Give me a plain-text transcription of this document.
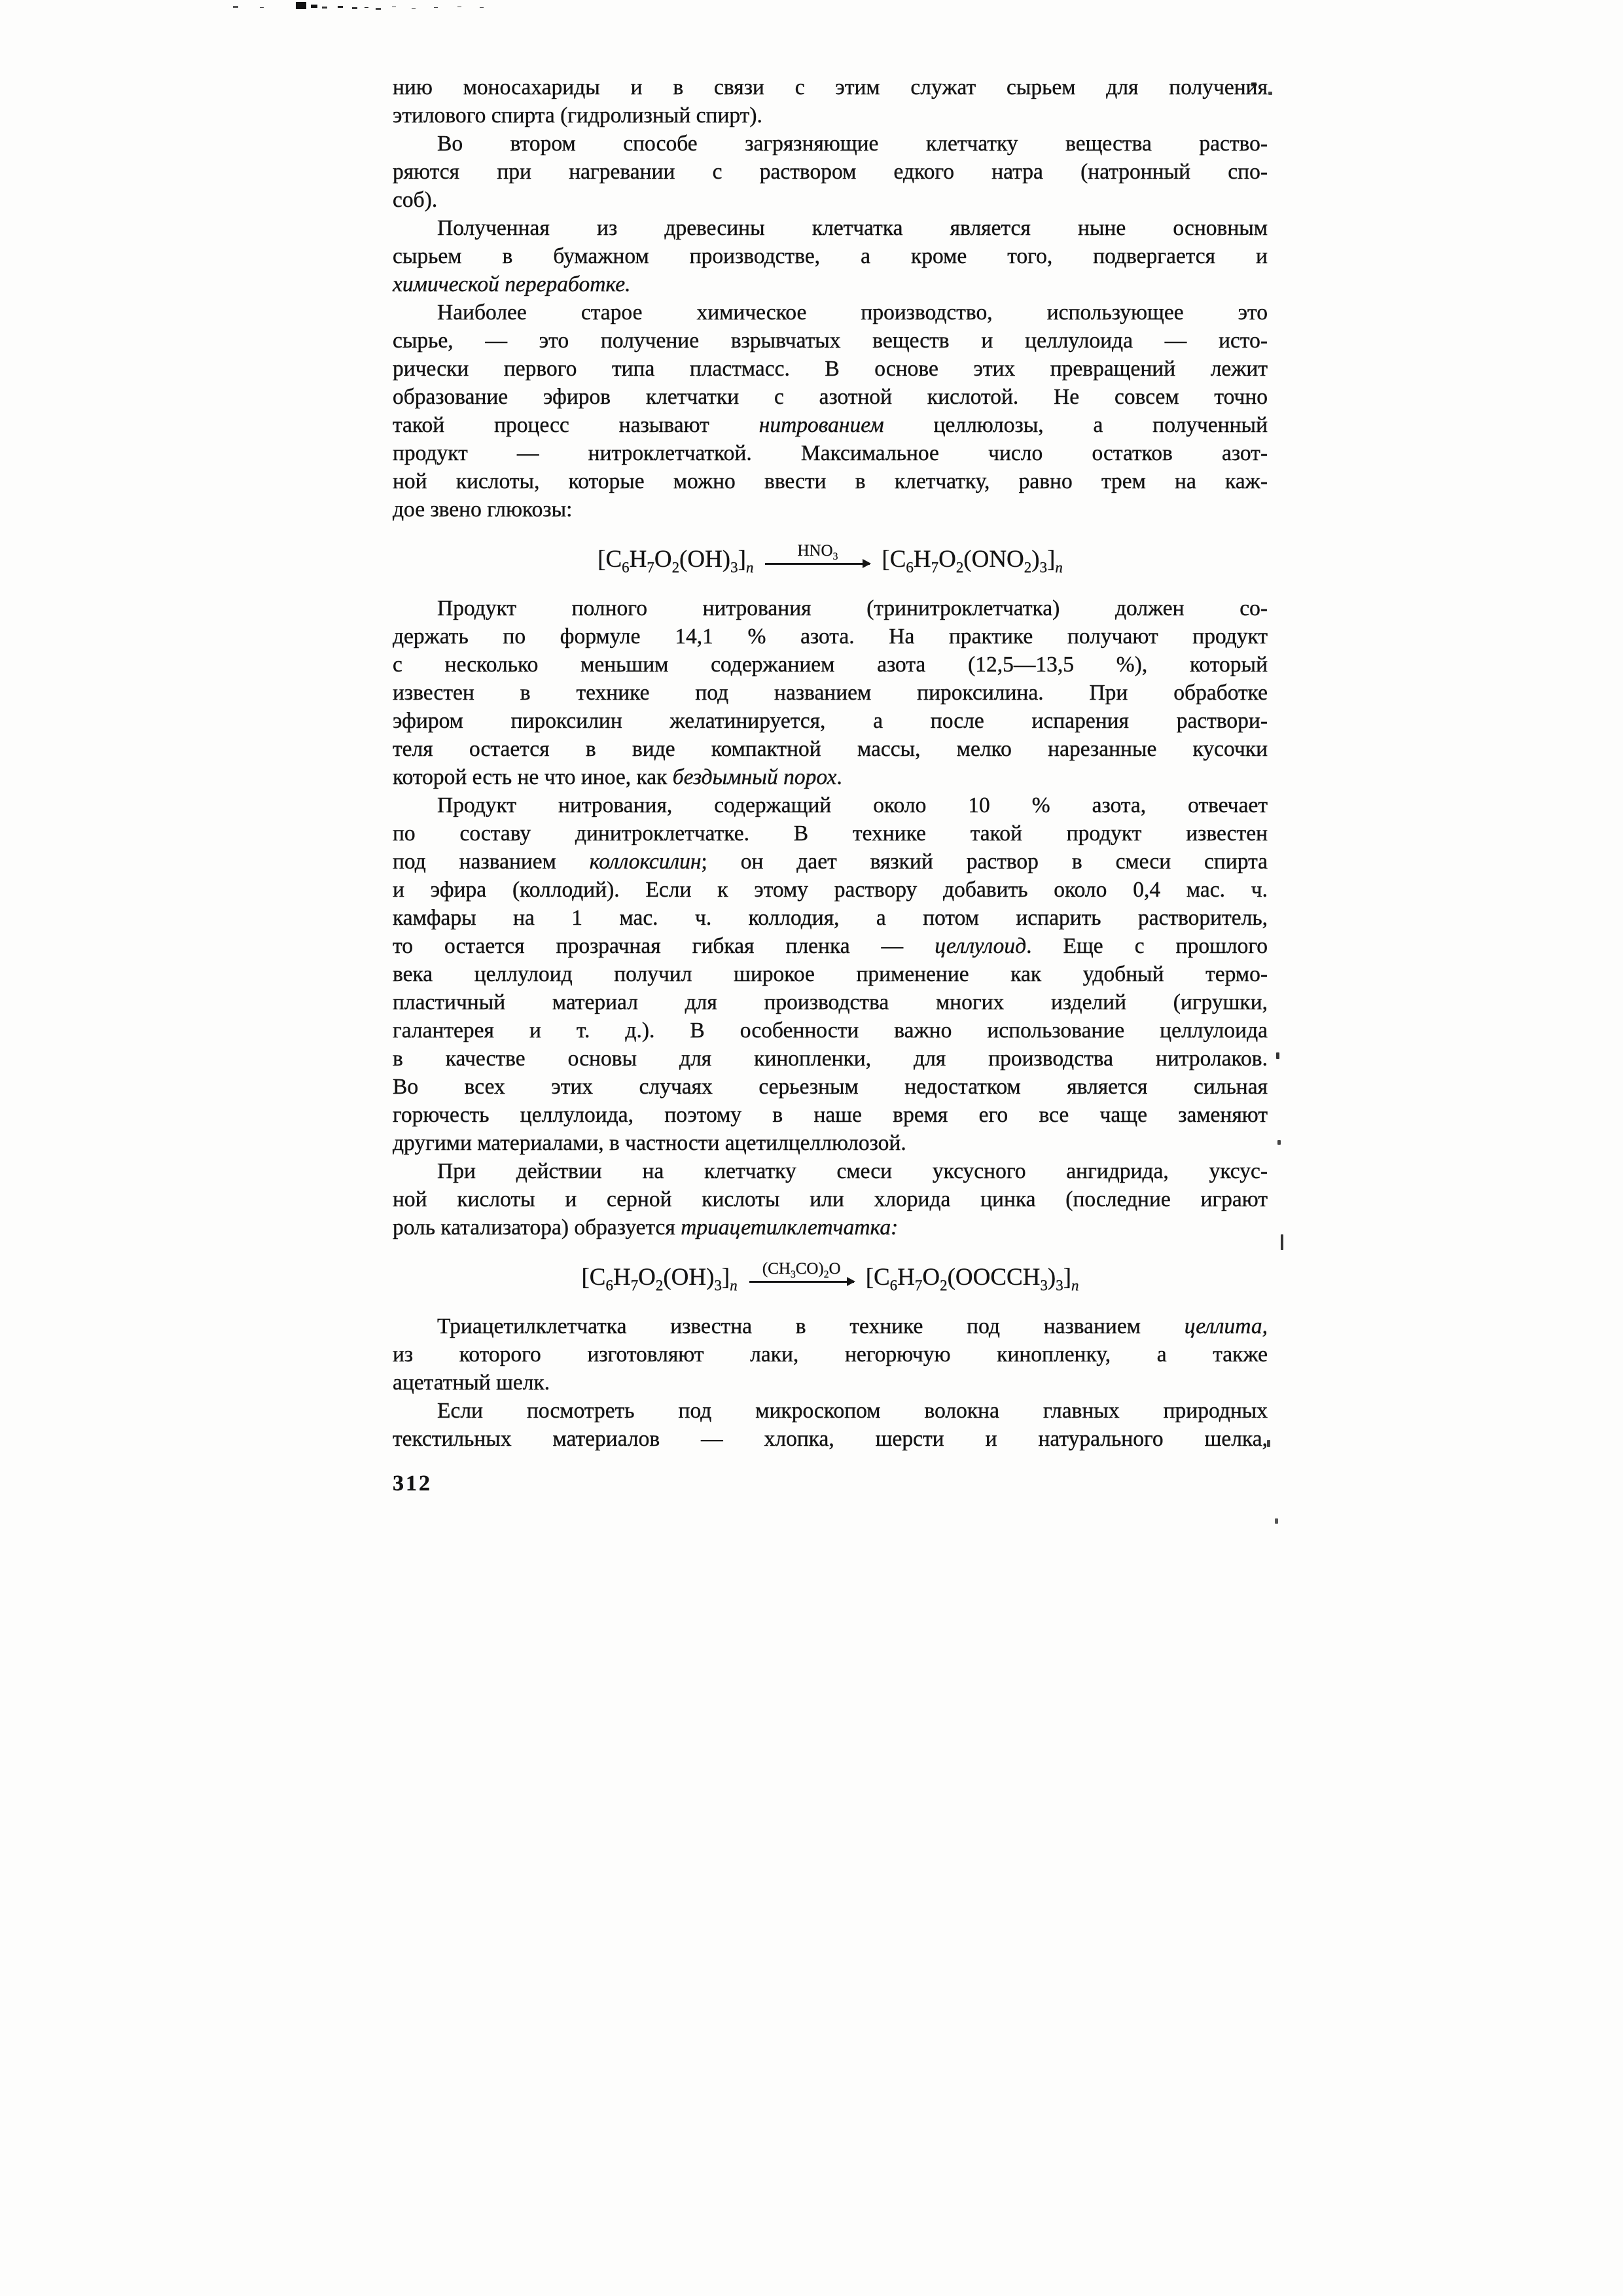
нию моносахариды и в связи с этим служат сырьем для получения
этилового спирта (гидролизный спирт).
Во втором способе загрязняющие клетчатку вещества раство-
ряются при нагревании с раствором едкого натра (натронный спо-
соб).
Полученная из древесины клетчатка является ныне основным
сырьем в бумажном производстве, а кроме того, подвергается и
химической переработке.
Наиболее старое химическое производство, использующее это
сырье, — это получение взрывчатых веществ и целлулоида — исто-
рически первого типа пластмасс. В основе этих превращений лежит
образование эфиров клетчатки с азотной кислотой. Не совсем точно
такой процесс называют нитрованием целлюлозы, а полученный
продукт — нитроклетчаткой. Максимальное число остатков азот-
ной кислоты, которые можно ввести в клетчатку, равно трем на каж-
дое звено глюкозы:
$[C_6H_7O_2(OH)_3]_n$
$HNO_3$ $[C_6H_7O_2(ONO_2)_3]_n$
Продукт полного нитрования (тринитроклетчатка) должен со-
держать по формуле 14,1 % азота. На практике получают продукт
с несколько меньшим содержанием азота (12,5—13,5 %), который
известен в технике под названием пироксилина. При обработке
эфиром пироксилин желатинируется, а после испарения раствори-
теля остается в виде компактной массы, мелко нарезанные кусочки
которой есть не что иное, как бездымный порох.
Продукт нитрования, содержащий около 10 % азота, отвечает
по составу динитроклетчатке. В технике такой продукт известен
под названием коллоксилин; он дает вязкий раствор в смеси спирта
и эфира (коллодий). Если к этому раствору добавить около 0,4 мас. ч.
камфары на 1 мас. ч. коллодия, а потом испарить растворитель,
то остается прозрачная гибкая пленка — целлулоид. Еще с прошлого
века целлулоид получил широкое применение как удобный термо-
пластичный материал для производства многих изделий (игрушки,
галантерея и т. д.). В особенности важно использование целлулоида
в качестве основы для кинопленки, для производства нитролаков.
Во всех этих случаях серьезным недостатком является сильная
горючесть целлулоида, поэтому в наше время его все чаще заменяют
другими материалами, в частности ацетилцеллюлозой.
При действии на клетчатку смеси уксусного ангидрида, уксус-
ной кислоты и серной кислоты или хлорида цинка (последние играют
роль катализатора) образуется триацетилклетчатка:
$[C_6H_7O_2(OH)_3]_n$
$(CH_3CO)_2O$ $[C_6H_7O_2(OOCCH_3)_3]_n$
Триацетилклетчатка известна в технике под названием целлита,
из которого изготовляют лаки, негорючую кинопленку, а также
ацетатный шелк.
Если посмотреть под микроскопом волокна главных природных
текстильных материалов — хлопка, шерсти и натурального шелка,
312
